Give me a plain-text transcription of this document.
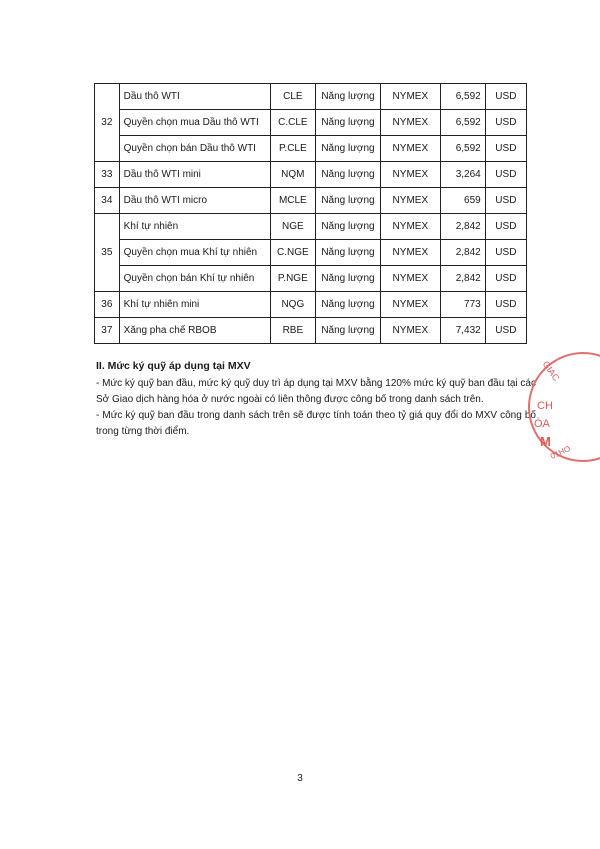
32	Dầu thô WTI	CLE	Năng lượng	NYMEX	6,592	USD
	Quyền chọn mua Dầu thô WTI	C.CLE	Năng lượng	NYMEX	6,592	USD
	Quyền chọn bán Dầu thô WTI	P.CLE	Năng lượng	NYMEX	6,592	USD
33	Dầu thô WTI mini	NQM	Năng lượng	NYMEX	3,264	USD
34	Dầu thô WTI micro	MCLE	Năng lượng	NYMEX	659	USD
35	Khí tự nhiên	NGE	Năng lượng	NYMEX	2,842	USD
	Quyền chọn mua Khí tự nhiên	C.NGE	Năng lượng	NYMEX	2,842	USD
	Quyền chọn bán Khí tự nhiên	P.NGE	Năng lượng	NYMEX	2,842	USD
36	Khí tự nhiên mini	NQG	Năng lượng	NYMEX	773	USD
37	Xăng pha chế RBOB	RBE	Năng lượng	NYMEX	7,432	USD
II. Mức ký quỹ áp dụng tại MXV

- Mức ký quỹ ban đầu, mức ký quỹ duy trì áp dụng tại MXV bằng 120% mức ký quỹ ban đầu tại các Sở Giao dịch hàng hóa ở nước ngoài có liên thông được công bố trong danh sách trên.

- Mức ký quỹ ban đầu trong danh sách trên sẽ được tính toán theo tỷ giá quy đổi do MXV công bố trong từng thời điểm.

GIAC
CH
ÒA
M
01HO
3
